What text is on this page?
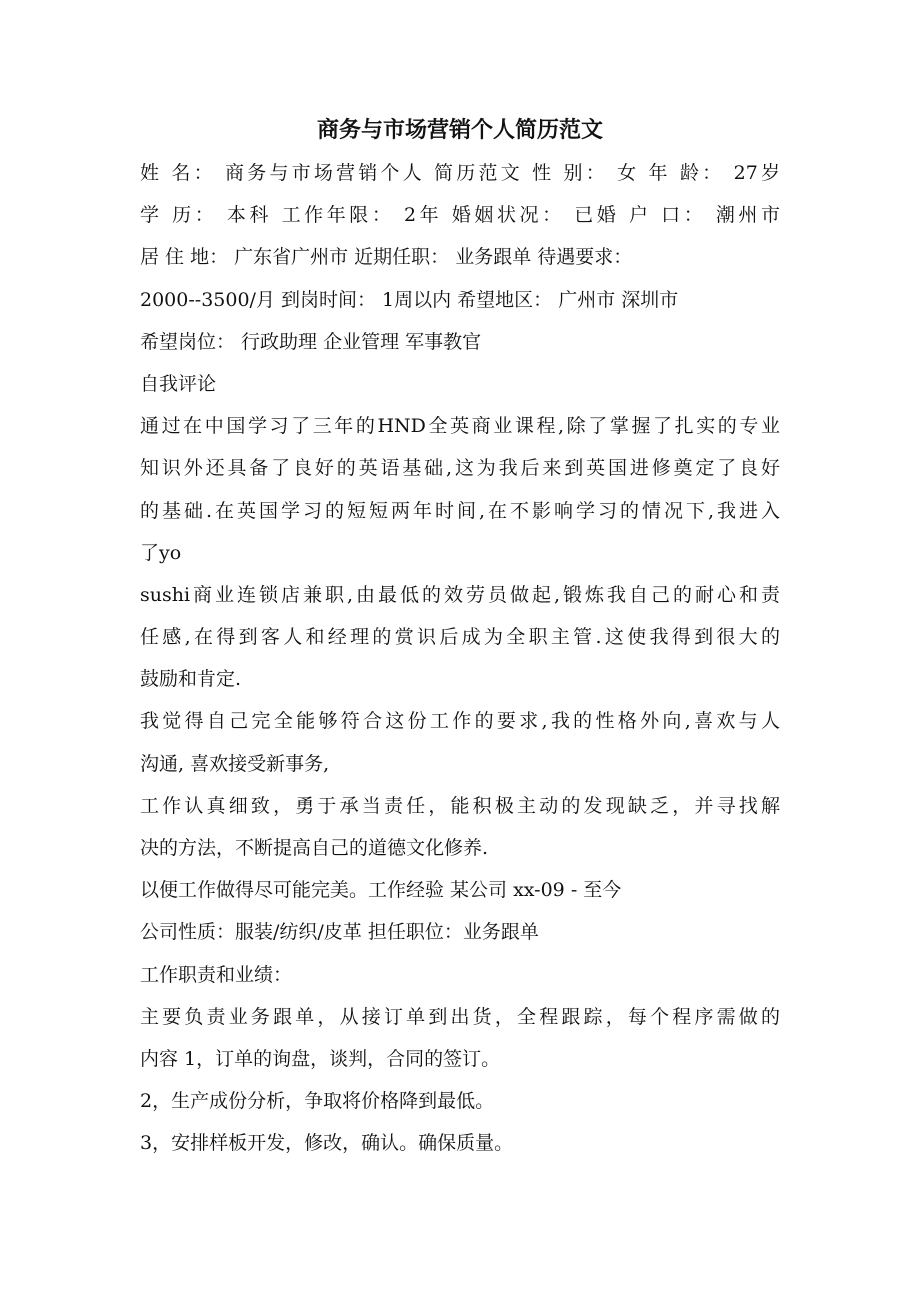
商务与市场营销个人简历范文
姓 名： 商务与市场营销个人 简历范文 性 别： 女 年 龄： 27岁
学 历： 本科 工作年限： 2年 婚姻状况： 已婚 户 口： 潮州市
居 住 地： 广东省广州市 近期任职： 业务跟单 待遇要求：
2000--3500/月 到岗时间： 1周以内 希望地区： 广州市 深圳市
希望岗位： 行政助理 企业管理 军事教官
自我评论
通过在中国学习了三年的HND全英商业课程,除了掌握了扎实的专业
知识外还具备了良好的英语基础,这为我后来到英国进修奠定了良好
的基础.在英国学习的短短两年时间,在不影响学习的情况下,我进入
了yo
sushi商业连锁店兼职,由最低的效劳员做起,锻炼我自己的耐心和责
任感,在得到客人和经理的赏识后成为全职主管.这使我得到很大的
鼓励和肯定.
我觉得自己完全能够符合这份工作的要求,我的性格外向,喜欢与人
沟通, 喜欢接受新事务,
工作认真细致，勇于承当责任，能积极主动的发现缺乏，并寻找解
决的方法，不断提高自己的道德文化修养.
以便工作做得尽可能完美。工作经验 某公司 xx-09 - 至今
公司性质：服装/纺织/皮革 担任职位：业务跟单
工作职责和业绩：
主要负责业务跟单，从接订单到出货，全程跟踪，每个程序需做的
内容 1，订单的询盘，谈判，合同的签订。
2，生产成份分析，争取将价格降到最低。
3，安排样板开发，修改，确认。确保质量。
